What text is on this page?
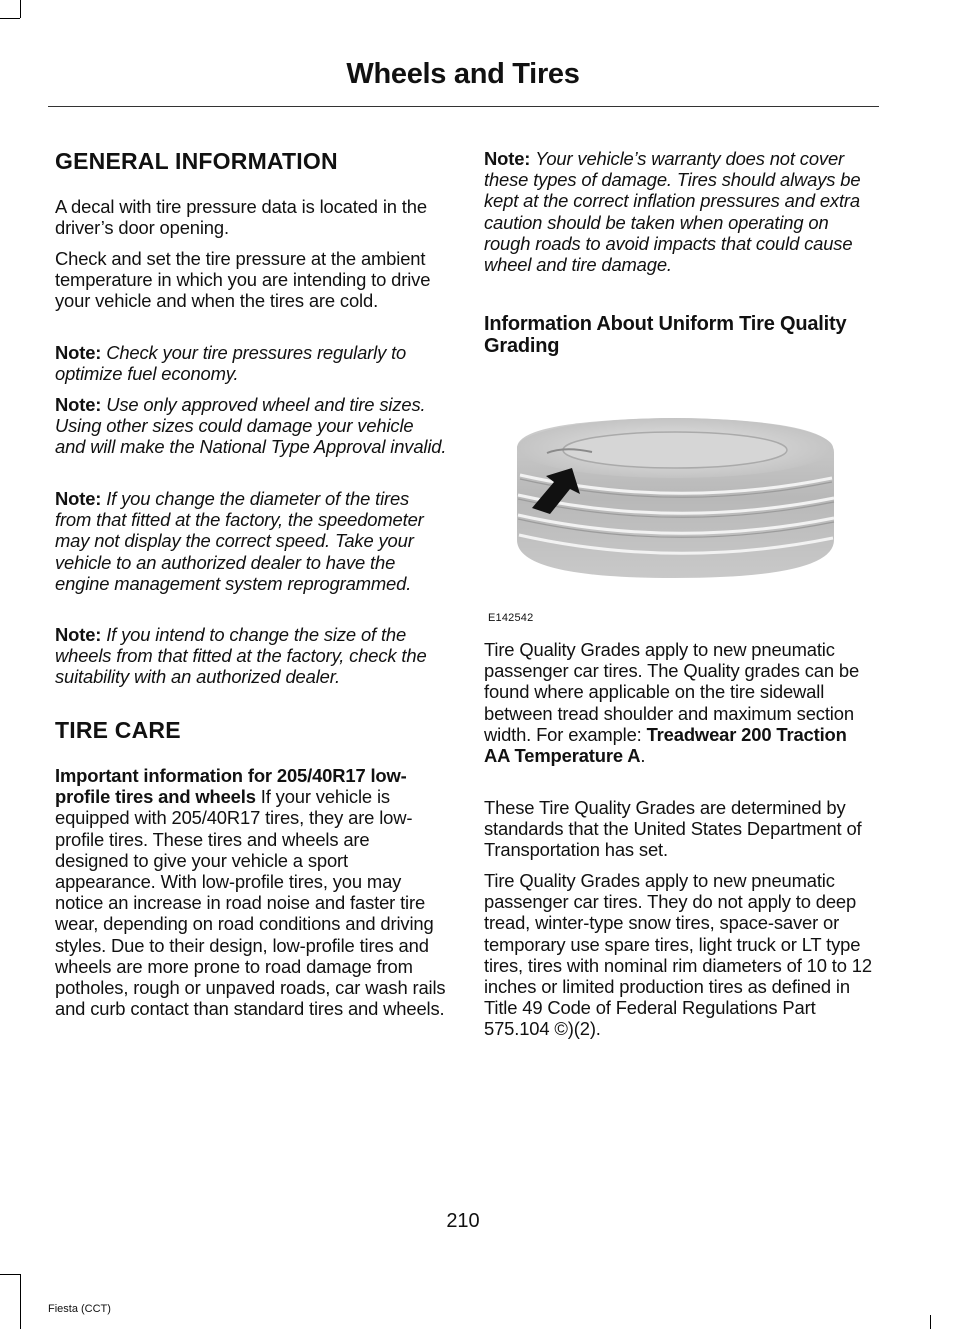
Wheels and Tires
GENERAL INFORMATION

A decal with tire pressure data is located in the driver’s door opening.

Check and set the tire pressure at the ambient temperature in which you are intending to drive your vehicle and when the tires are cold.

Note: Check your tire pressures regularly to optimize fuel economy.

Note: Use only approved wheel and tire sizes. Using other sizes could damage your vehicle and will make the National Type Approval invalid.

Note: If you change the diameter of the tires from that fitted at the factory, the speedometer may not display the correct speed. Take your vehicle to an authorized dealer to have the engine management system reprogrammed.

Note: If you intend to change the size of the wheels from that fitted at the factory, check the suitability with an authorized dealer.

TIRE CARE

Important information for 205/40R17 low-profile tires and wheels If your vehicle is equipped with 205/40R17 tires, they are low-profile tires. These tires and wheels are designed to give your vehicle a sport appearance. With low-profile tires, you may notice an increase in road noise and faster tire wear, depending on road conditions and driving styles. Due to their design, low-profile tires and wheels are more prone to road damage from potholes, rough or unpaved roads, car wash rails and curb contact than standard tires and wheels.

Note: Your vehicle’s warranty does not cover these types of damage. Tires should always be kept at the correct inflation pressures and extra caution should be taken when operating on rough roads to avoid impacts that could cause wheel and tire damage.

Information About Uniform Tire Quality Grading
E142542

Tire Quality Grades apply to new pneumatic passenger car tires. The Quality grades can be found where applicable on the tire sidewall between tread shoulder and maximum section width. For example: Treadwear 200 Traction AA Temperature A.

These Tire Quality Grades are determined by standards that the United States Department of Transportation has set.

Tire Quality Grades apply to new pneumatic passenger car tires. They do not apply to deep tread, winter-type snow tires, space-saver or temporary use spare tires, light truck or LT type tires, tires with nominal rim diameters of 10 to 12 inches or limited production tires as defined in Title 49 Code of Federal Regulations Part 575.104 ©)(2).

210
Fiesta (CCT)
